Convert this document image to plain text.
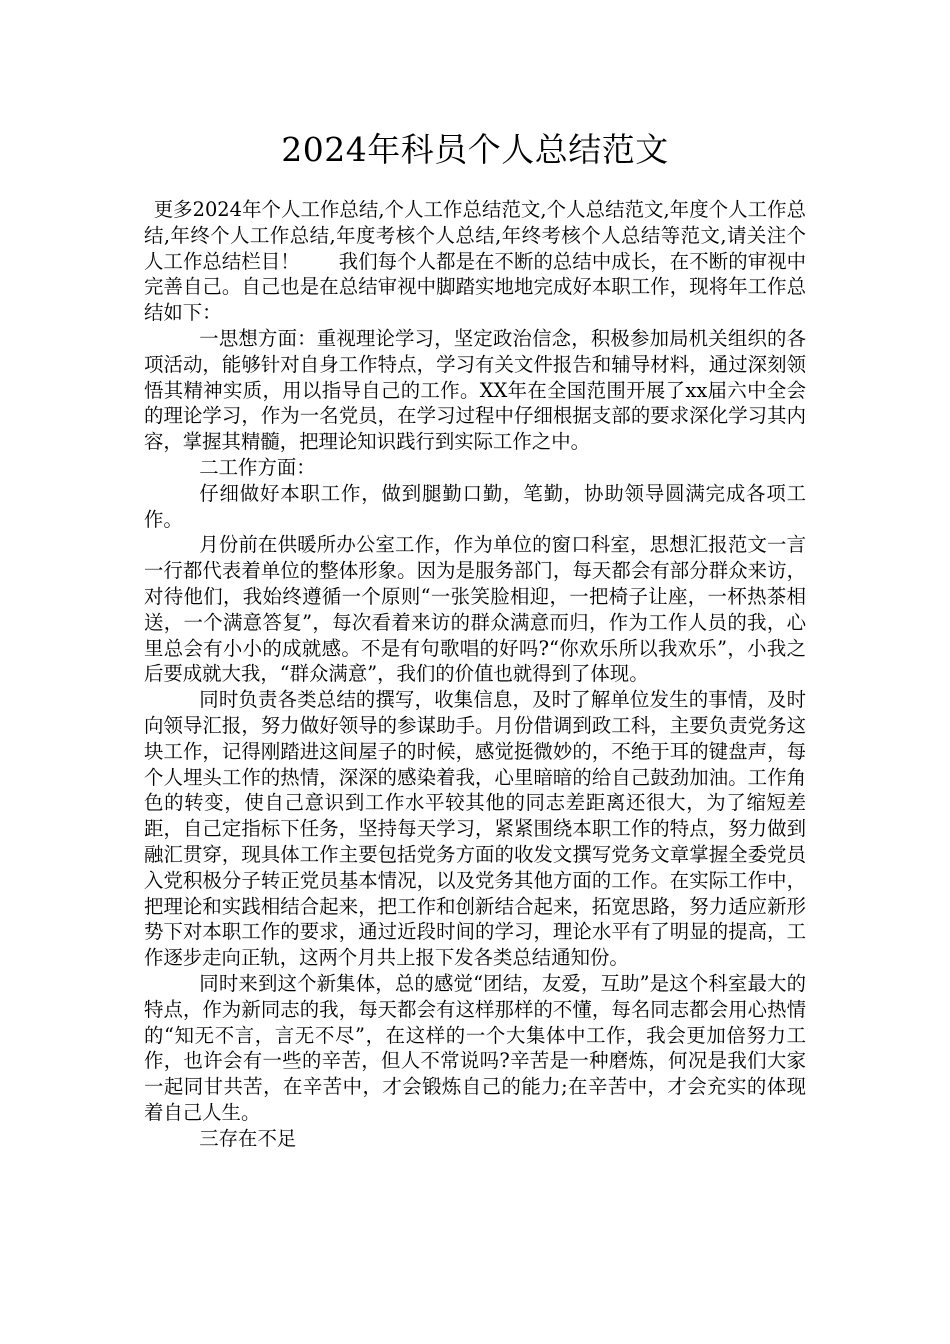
2024年科员个人总结范文

更多2024年个人工作总结,个人工作总结范文,个人总结范文,年度个人工作总结,年终个人工作总结,年度考核个人总结,年终考核个人总结等范文,请关注个人工作总结栏目！　　我们每个人都是在不断的总结中成长，在不断的审视中完善自己。自己也是在总结审视中脚踏实地地完成好本职工作，现将年工作总结如下：

一思想方面：重视理论学习，坚定政治信念，积极参加局机关组织的各项活动，能够针对自身工作特点，学习有关文件报告和辅导材料，通过深刻领悟其精神实质，用以指导自己的工作。XX年在全国范围开展了xx届六中全会的理论学习，作为一名党员，在学习过程中仔细根据支部的要求深化学习其内容，掌握其精髓，把理论知识践行到实际工作之中。

二工作方面：

仔细做好本职工作，做到腿勤口勤，笔勤，协助领导圆满完成各项工作。

月份前在供暖所办公室工作，作为单位的窗口科室，思想汇报范文一言一行都代表着单位的整体形象。因为是服务部门，每天都会有部分群众来访，对待他们，我始终遵循一个原则“一张笑脸相迎，一把椅子让座，一杯热茶相送，一个满意答复”，每次看着来访的群众满意而归，作为工作人员的我，心里总会有小小的成就感。不是有句歌唱的好吗?“你欢乐所以我欢乐”，小我之后要成就大我，“群众满意”，我们的价值也就得到了体现。

同时负责各类总结的撰写，收集信息，及时了解单位发生的事情，及时向领导汇报，努力做好领导的参谋助手。月份借调到政工科，主要负责党务这块工作，记得刚踏进这间屋子的时候，感觉挺微妙的，不绝于耳的键盘声，每个人埋头工作的热情，深深的感染着我，心里暗暗的给自己鼓劲加油。工作角色的转变，使自己意识到工作水平较其他的同志差距离还很大，为了缩短差距，自己定指标下任务，坚持每天学习，紧紧围绕本职工作的特点，努力做到融汇贯穿，现具体工作主要包括党务方面的收发文撰写党务文章掌握全委党员入党积极分子转正党员基本情况，以及党务其他方面的工作。在实际工作中，把理论和实践相结合起来，把工作和创新结合起来，拓宽思路，努力适应新形势下对本职工作的要求，通过近段时间的学习，理论水平有了明显的提高，工作逐步走向正轨，这两个月共上报下发各类总结通知份。

同时来到这个新集体，总的感觉“团结，友爱，互助”是这个科室最大的特点，作为新同志的我，每天都会有这样那样的不懂，每名同志都会用心热情的“知无不言，言无不尽”，在这样的一个大集体中工作，我会更加倍努力工作，也许会有一些的辛苦，但人不常说吗?辛苦是一种磨炼，何况是我们大家一起同甘共苦，在辛苦中，才会锻炼自己的能力;在辛苦中，才会充实的体现着自己人生。

三存在不足
